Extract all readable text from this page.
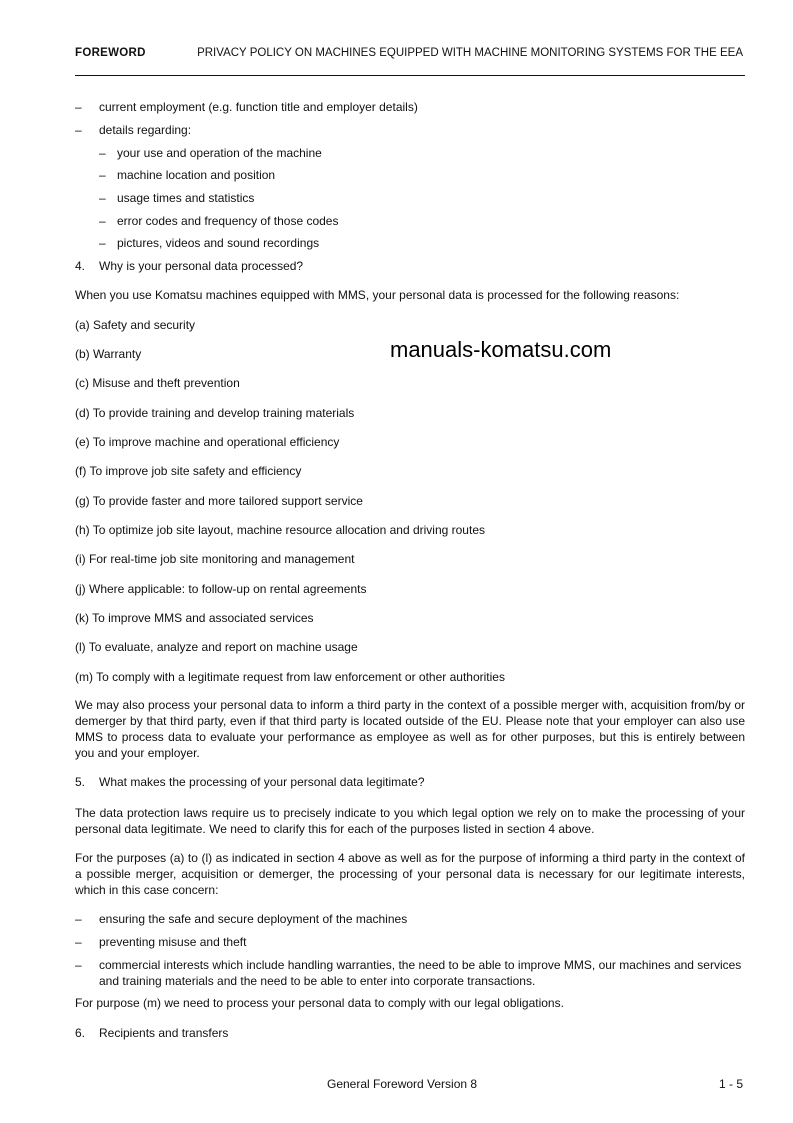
FOREWORD	PRIVACY POLICY ON MACHINES EQUIPPED WITH MACHINE MONITORING SYSTEMS FOR THE EEA
– current employment (e.g. function title and employer details)
– details regarding:
– your use and operation of the machine
– machine location and position
– usage times and statistics
– error codes and frequency of those codes
– pictures, videos and sound recordings
4. Why is your personal data processed?
When you use Komatsu machines equipped with MMS, your personal data is processed for the following reasons:
(a) Safety and security
(b) Warranty
(c) Misuse and theft prevention
(d) To provide training and develop training materials
(e) To improve machine and operational efficiency
(f) To improve job site safety and efficiency
(g) To provide faster and more tailored support service
(h) To optimize job site layout, machine resource allocation and driving routes
(i) For real-time job site monitoring and management
(j) Where applicable: to follow-up on rental agreements
(k) To improve MMS and associated services
(l) To evaluate, analyze and report on machine usage
(m) To comply with a legitimate request from law enforcement or other authorities
We may also process your personal data to inform a third party in the context of a possible merger with, acquisition from/by or demerger by that third party, even if that third party is located outside of the EU. Please note that your employer can also use MMS to process data to evaluate your performance as employee as well as for other purposes, but this is entirely between you and your employer.
5. What makes the processing of your personal data legitimate?
The data protection laws require us to precisely indicate to you which legal option we rely on to make the processing of your personal data legitimate. We need to clarify this for each of the purposes listed in section 4 above.
For the purposes (a) to (l) as indicated in section 4 above as well as for the purpose of informing a third party in the context of a possible merger, acquisition or demerger, the processing of your personal data is necessary for our legitimate interests, which in this case concern:
– ensuring the safe and secure deployment of the machines
– preventing misuse and theft
– commercial interests which include handling warranties, the need to be able to improve MMS, our machines and services and training materials and the need to be able to enter into corporate transactions.
For purpose (m) we need to process your personal data to comply with our legal obligations.
6. Recipients and transfers
manuals-komatsu.com
General Foreword Version 8	1 - 5
